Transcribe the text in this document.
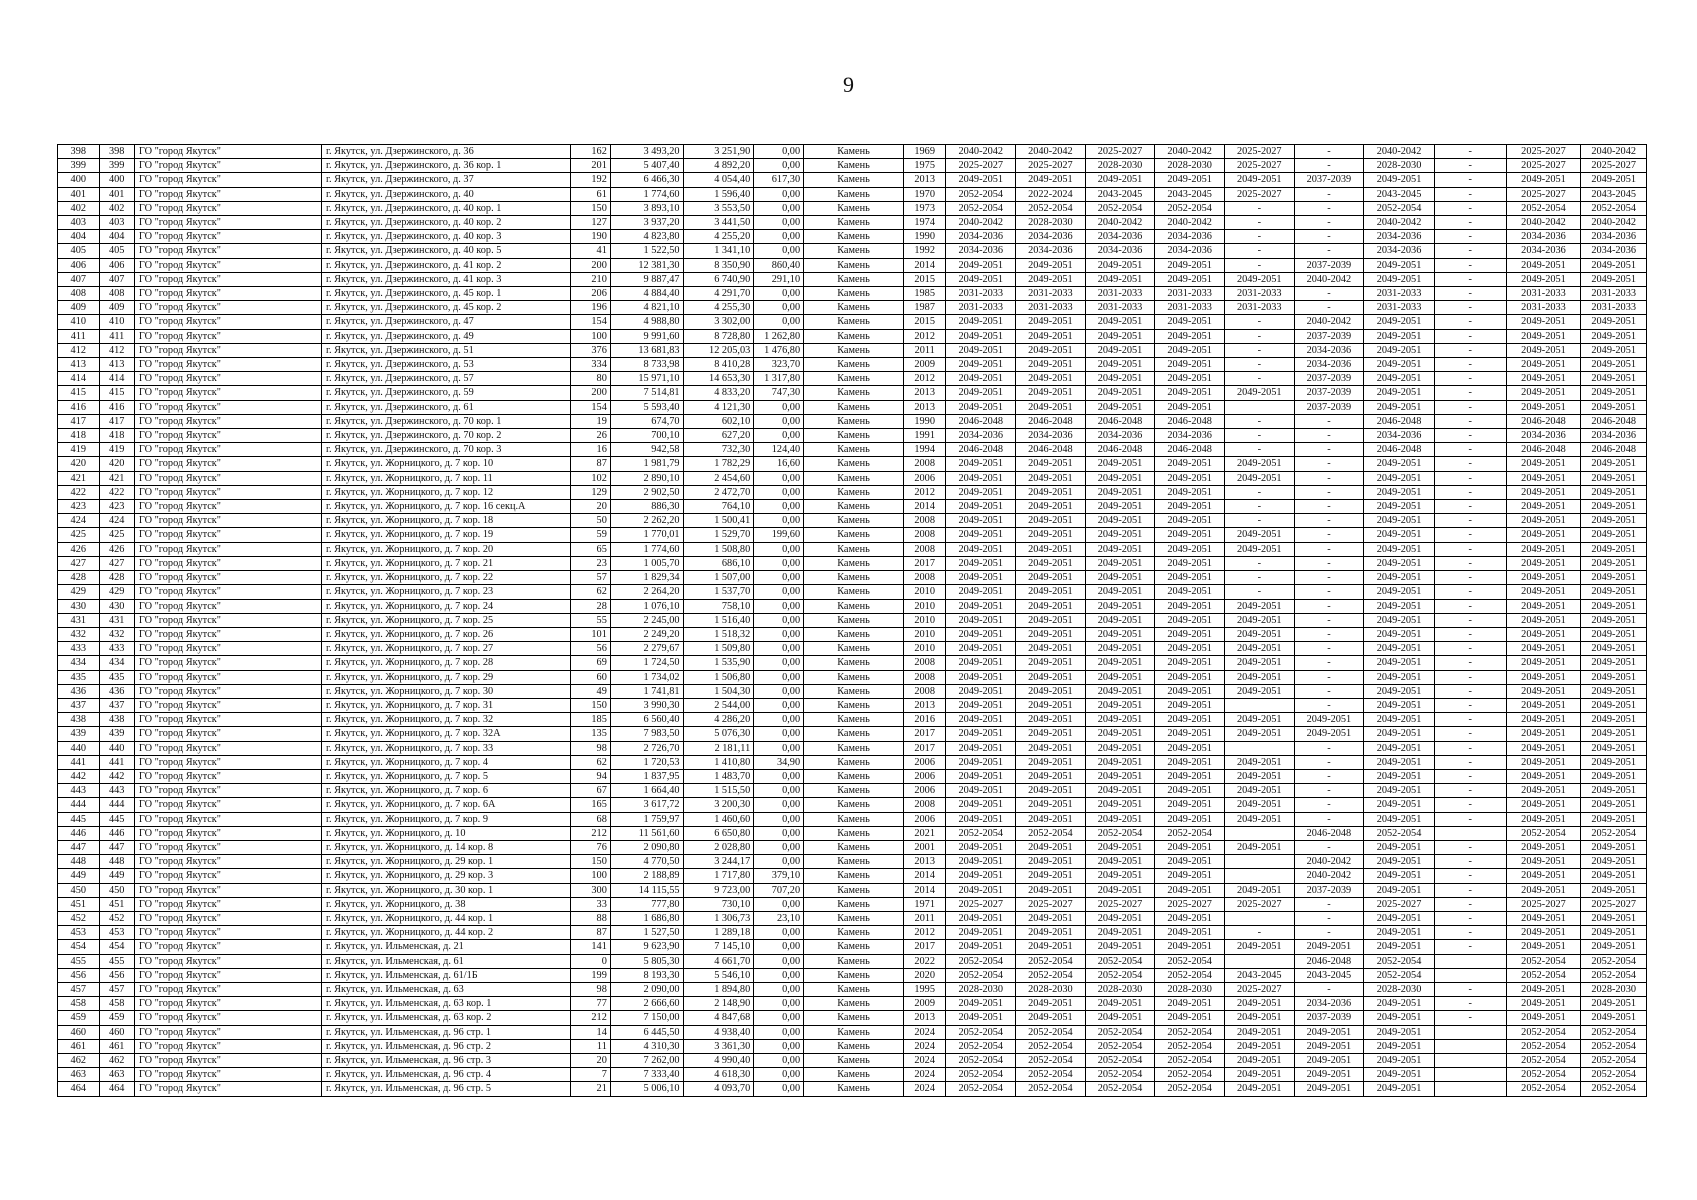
9
398	398	ГО "город Якутск"	г. Якутск, ул. Дзержинского, д. 36	162	3 493,20	3 251,90	0,00	Камень	1969	2040-2042	2040-2042	2025-2027	2040-2042	2025-2027	-	2040-2042	-	2025-2027	2040-2042
399	399	ГО "город Якутск"	г. Якутск, ул. Дзержинского, д. 36 кор. 1	201	5 407,40	4 892,20	0,00	Камень	1975	2025-2027	2025-2027	2028-2030	2028-2030	2025-2027	-	2028-2030	-	2025-2027	2025-2027
400	400	ГО "город Якутск"	г. Якутск, ул. Дзержинского, д. 37	192	6 466,30	4 054,40	617,30	Камень	2013	2049-2051	2049-2051	2049-2051	2049-2051	2049-2051	2037-2039	2049-2051	-	2049-2051	2049-2051
401	401	ГО "город Якутск"	г. Якутск, ул. Дзержинского, д. 40	61	1 774,60	1 596,40	0,00	Камень	1970	2052-2054	2022-2024	2043-2045	2043-2045	2025-2027	-	2043-2045	-	2025-2027	2043-2045
402	402	ГО "город Якутск"	г. Якутск, ул. Дзержинского, д. 40 кор. 1	150	3 893,10	3 553,50	0,00	Камень	1973	2052-2054	2052-2054	2052-2054	2052-2054	-	-	2052-2054	-	2052-2054	2052-2054
403	403	ГО "город Якутск"	г. Якутск, ул. Дзержинского, д. 40 кор. 2	127	3 937,20	3 441,50	0,00	Камень	1974	2040-2042	2028-2030	2040-2042	2040-2042	-	-	2040-2042	-	2040-2042	2040-2042
404	404	ГО "город Якутск"	г. Якутск, ул. Дзержинского, д. 40 кор. 3	190	4 823,80	4 255,20	0,00	Камень	1990	2034-2036	2034-2036	2034-2036	2034-2036	-	-	2034-2036	-	2034-2036	2034-2036
405	405	ГО "город Якутск"	г. Якутск, ул. Дзержинского, д. 40 кор. 5	41	1 522,50	1 341,10	0,00	Камень	1992	2034-2036	2034-2036	2034-2036	2034-2036	-	-	2034-2036	-	2034-2036	2034-2036
406	406	ГО "город Якутск"	г. Якутск, ул. Дзержинского, д. 41 кор. 2	200	12 381,30	8 350,90	860,40	Камень	2014	2049-2051	2049-2051	2049-2051	2049-2051	-	2037-2039	2049-2051	-	2049-2051	2049-2051
407	407	ГО "город Якутск"	г. Якутск, ул. Дзержинского, д. 41 кор. 3	210	9 887,47	6 740,90	291,10	Камень	2015	2049-2051	2049-2051	2049-2051	2049-2051	2049-2051	2040-2042	2049-2051	-	2049-2051	2049-2051
408	408	ГО "город Якутск"	г. Якутск, ул. Дзержинского, д. 45 кор. 1	206	4 884,40	4 291,70	0,00	Камень	1985	2031-2033	2031-2033	2031-2033	2031-2033	2031-2033	-	2031-2033	-	2031-2033	2031-2033
409	409	ГО "город Якутск"	г. Якутск, ул. Дзержинского, д. 45 кор. 2	196	4 821,10	4 255,30	0,00	Камень	1987	2031-2033	2031-2033	2031-2033	2031-2033	2031-2033	-	2031-2033	-	2031-2033	2031-2033
410	410	ГО "город Якутск"	г. Якутск, ул. Дзержинского, д. 47	154	4 988,80	3 302,00	0,00	Камень	2015	2049-2051	2049-2051	2049-2051	2049-2051	-	2040-2042	2049-2051	-	2049-2051	2049-2051
411	411	ГО "город Якутск"	г. Якутск, ул. Дзержинского, д. 49	100	9 991,60	8 728,80	1 262,80	Камень	2012	2049-2051	2049-2051	2049-2051	2049-2051	-	2037-2039	2049-2051	-	2049-2051	2049-2051
412	412	ГО "город Якутск"	г. Якутск, ул. Дзержинского, д. 51	376	13 681,83	12 205,03	1 476,80	Камень	2011	2049-2051	2049-2051	2049-2051	2049-2051	-	2034-2036	2049-2051	-	2049-2051	2049-2051
413	413	ГО "город Якутск"	г. Якутск, ул. Дзержинского, д. 53	334	8 733,98	8 410,28	323,70	Камень	2009	2049-2051	2049-2051	2049-2051	2049-2051	-	2034-2036	2049-2051	-	2049-2051	2049-2051
414	414	ГО "город Якутск"	г. Якутск, ул. Дзержинского, д. 57	80	15 971,10	14 653,30	1 317,80	Камень	2012	2049-2051	2049-2051	2049-2051	2049-2051	-	2037-2039	2049-2051	-	2049-2051	2049-2051
415	415	ГО "город Якутск"	г. Якутск, ул. Дзержинского, д. 59	200	7 514,81	4 833,20	747,30	Камень	2013	2049-2051	2049-2051	2049-2051	2049-2051	2049-2051	2037-2039	2049-2051	-	2049-2051	2049-2051
416	416	ГО "город Якутск"	г. Якутск, ул. Дзержинского, д. 61	154	5 593,40	4 121,30	0,00	Камень	2013	2049-2051	2049-2051	2049-2051	2049-2051		2037-2039	2049-2051	-	2049-2051	2049-2051
417	417	ГО "город Якутск"	г. Якутск, ул. Дзержинского, д. 70 кор. 1	19	674,70	602,10	0,00	Камень	1990	2046-2048	2046-2048	2046-2048	2046-2048	-	-	2046-2048	-	2046-2048	2046-2048
418	418	ГО "город Якутск"	г. Якутск, ул. Дзержинского, д. 70 кор. 2	26	700,10	627,20	0,00	Камень	1991	2034-2036	2034-2036	2034-2036	2034-2036	-	-	2034-2036	-	2034-2036	2034-2036
419	419	ГО "город Якутск"	г. Якутск, ул. Дзержинского, д. 70 кор. 3	16	942,58	732,30	124,40	Камень	1994	2046-2048	2046-2048	2046-2048	2046-2048	-	-	2046-2048	-	2046-2048	2046-2048
420	420	ГО "город Якутск"	г. Якутск, ул. Жорницкого, д. 7 кор. 10	87	1 981,79	1 782,29	16,60	Камень	2008	2049-2051	2049-2051	2049-2051	2049-2051	2049-2051	-	2049-2051	-	2049-2051	2049-2051
421	421	ГО "город Якутск"	г. Якутск, ул. Жорницкого, д. 7 кор. 11	102	2 890,10	2 454,60	0,00	Камень	2006	2049-2051	2049-2051	2049-2051	2049-2051	2049-2051	-	2049-2051	-	2049-2051	2049-2051
422	422	ГО "город Якутск"	г. Якутск, ул. Жорницкого, д. 7 кор. 12	129	2 902,50	2 472,70	0,00	Камень	2012	2049-2051	2049-2051	2049-2051	2049-2051	-	-	2049-2051	-	2049-2051	2049-2051
423	423	ГО "город Якутск"	г. Якутск, ул. Жорницкого, д. 7 кор. 16 секц.А	20	886,30	764,10	0,00	Камень	2014	2049-2051	2049-2051	2049-2051	2049-2051	-	-	2049-2051	-	2049-2051	2049-2051
424	424	ГО "город Якутск"	г. Якутск, ул. Жорницкого, д. 7 кор. 18	50	2 262,20	1 500,41	0,00	Камень	2008	2049-2051	2049-2051	2049-2051	2049-2051	-	-	2049-2051	-	2049-2051	2049-2051
425	425	ГО "город Якутск"	г. Якутск, ул. Жорницкого, д. 7 кор. 19	59	1 770,01	1 529,70	199,60	Камень	2008	2049-2051	2049-2051	2049-2051	2049-2051	2049-2051	-	2049-2051	-	2049-2051	2049-2051
426	426	ГО "город Якутск"	г. Якутск, ул. Жорницкого, д. 7 кор. 20	65	1 774,60	1 508,80	0,00	Камень	2008	2049-2051	2049-2051	2049-2051	2049-2051	2049-2051	-	2049-2051	-	2049-2051	2049-2051
427	427	ГО "город Якутск"	г. Якутск, ул. Жорницкого, д. 7 кор. 21	23	1 005,70	686,10	0,00	Камень	2017	2049-2051	2049-2051	2049-2051	2049-2051	-	-	2049-2051	-	2049-2051	2049-2051
428	428	ГО "город Якутск"	г. Якутск, ул. Жорницкого, д. 7 кор. 22	57	1 829,34	1 507,00	0,00	Камень	2008	2049-2051	2049-2051	2049-2051	2049-2051	-	-	2049-2051	-	2049-2051	2049-2051
429	429	ГО "город Якутск"	г. Якутск, ул. Жорницкого, д. 7 кор. 23	62	2 264,20	1 537,70	0,00	Камень	2010	2049-2051	2049-2051	2049-2051	2049-2051	-	-	2049-2051	-	2049-2051	2049-2051
430	430	ГО "город Якутск"	г. Якутск, ул. Жорницкого, д. 7 кор. 24	28	1 076,10	758,10	0,00	Камень	2010	2049-2051	2049-2051	2049-2051	2049-2051	2049-2051	-	2049-2051	-	2049-2051	2049-2051
431	431	ГО "город Якутск"	г. Якутск, ул. Жорницкого, д. 7 кор. 25	55	2 245,00	1 516,40	0,00	Камень	2010	2049-2051	2049-2051	2049-2051	2049-2051	2049-2051	-	2049-2051	-	2049-2051	2049-2051
432	432	ГО "город Якутск"	г. Якутск, ул. Жорницкого, д. 7 кор. 26	101	2 249,20	1 518,32	0,00	Камень	2010	2049-2051	2049-2051	2049-2051	2049-2051	2049-2051	-	2049-2051	-	2049-2051	2049-2051
433	433	ГО "город Якутск"	г. Якутск, ул. Жорницкого, д. 7 кор. 27	56	2 279,67	1 509,80	0,00	Камень	2010	2049-2051	2049-2051	2049-2051	2049-2051	2049-2051	-	2049-2051	-	2049-2051	2049-2051
434	434	ГО "город Якутск"	г. Якутск, ул. Жорницкого, д. 7 кор. 28	69	1 724,50	1 535,90	0,00	Камень	2008	2049-2051	2049-2051	2049-2051	2049-2051	2049-2051	-	2049-2051	-	2049-2051	2049-2051
435	435	ГО "город Якутск"	г. Якутск, ул. Жорницкого, д. 7 кор. 29	60	1 734,02	1 506,80	0,00	Камень	2008	2049-2051	2049-2051	2049-2051	2049-2051	2049-2051	-	2049-2051	-	2049-2051	2049-2051
436	436	ГО "город Якутск"	г. Якутск, ул. Жорницкого, д. 7 кор. 30	49	1 741,81	1 504,30	0,00	Камень	2008	2049-2051	2049-2051	2049-2051	2049-2051	2049-2051	-	2049-2051	-	2049-2051	2049-2051
437	437	ГО "город Якутск"	г. Якутск, ул. Жорницкого, д. 7 кор. 31	150	3 990,30	2 544,00	0,00	Камень	2013	2049-2051	2049-2051	2049-2051	2049-2051		-	2049-2051	-	2049-2051	2049-2051
438	438	ГО "город Якутск"	г. Якутск, ул. Жорницкого, д. 7 кор. 32	185	6 560,40	4 286,20	0,00	Камень	2016	2049-2051	2049-2051	2049-2051	2049-2051	2049-2051	2049-2051	2049-2051	-	2049-2051	2049-2051
439	439	ГО "город Якутск"	г. Якутск, ул. Жорницкого, д. 7 кор. 32А	135	7 983,50	5 076,30	0,00	Камень	2017	2049-2051	2049-2051	2049-2051	2049-2051	2049-2051	2049-2051	2049-2051	-	2049-2051	2049-2051
440	440	ГО "город Якутск"	г. Якутск, ул. Жорницкого, д. 7 кор. 33	98	2 726,70	2 181,11	0,00	Камень	2017	2049-2051	2049-2051	2049-2051	2049-2051		-	2049-2051	-	2049-2051	2049-2051
441	441	ГО "город Якутск"	г. Якутск, ул. Жорницкого, д. 7 кор. 4	62	1 720,53	1 410,80	34,90	Камень	2006	2049-2051	2049-2051	2049-2051	2049-2051	2049-2051	-	2049-2051	-	2049-2051	2049-2051
442	442	ГО "город Якутск"	г. Якутск, ул. Жорницкого, д. 7 кор. 5	94	1 837,95	1 483,70	0,00	Камень	2006	2049-2051	2049-2051	2049-2051	2049-2051	2049-2051	-	2049-2051	-	2049-2051	2049-2051
443	443	ГО "город Якутск"	г. Якутск, ул. Жорницкого, д. 7 кор. 6	67	1 664,40	1 515,50	0,00	Камень	2006	2049-2051	2049-2051	2049-2051	2049-2051	2049-2051	-	2049-2051	-	2049-2051	2049-2051
444	444	ГО "город Якутск"	г. Якутск, ул. Жорницкого, д. 7 кор. 6А	165	3 617,72	3 200,30	0,00	Камень	2008	2049-2051	2049-2051	2049-2051	2049-2051	2049-2051	-	2049-2051	-	2049-2051	2049-2051
445	445	ГО "город Якутск"	г. Якутск, ул. Жорницкого, д. 7 кор. 9	68	1 759,97	1 460,60	0,00	Камень	2006	2049-2051	2049-2051	2049-2051	2049-2051	2049-2051	-	2049-2051	-	2049-2051	2049-2051
446	446	ГО "город Якутск"	г. Якутск, ул. Жорницкого, д. 10	212	11 561,60	6 650,80	0,00	Камень	2021	2052-2054	2052-2054	2052-2054	2052-2054		2046-2048	2052-2054		2052-2054	2052-2054
447	447	ГО "город Якутск"	г. Якутск, ул. Жорницкого, д. 14 кор. 8	76	2 090,80	2 028,80	0,00	Камень	2001	2049-2051	2049-2051	2049-2051	2049-2051	2049-2051	-	2049-2051	-	2049-2051	2049-2051
448	448	ГО "город Якутск"	г. Якутск, ул. Жорницкого, д. 29 кор. 1	150	4 770,50	3 244,17	0,00	Камень	2013	2049-2051	2049-2051	2049-2051	2049-2051		2040-2042	2049-2051	-	2049-2051	2049-2051
449	449	ГО "город Якутск"	г. Якутск, ул. Жорницкого, д. 29 кор. 3	100	2 188,89	1 717,80	379,10	Камень	2014	2049-2051	2049-2051	2049-2051	2049-2051		2040-2042	2049-2051	-	2049-2051	2049-2051
450	450	ГО "город Якутск"	г. Якутск, ул. Жорницкого, д. 30 кор. 1	300	14 115,55	9 723,00	707,20	Камень	2014	2049-2051	2049-2051	2049-2051	2049-2051	2049-2051	2037-2039	2049-2051	-	2049-2051	2049-2051
451	451	ГО "город Якутск"	г. Якутск, ул. Жорницкого, д. 38	33	777,80	730,10	0,00	Камень	1971	2025-2027	2025-2027	2025-2027	2025-2027	2025-2027	-	2025-2027	-	2025-2027	2025-2027
452	452	ГО "город Якутск"	г. Якутск, ул. Жорницкого, д. 44 кор. 1	88	1 686,80	1 306,73	23,10	Камень	2011	2049-2051	2049-2051	2049-2051	2049-2051		-	2049-2051	-	2049-2051	2049-2051
453	453	ГО "город Якутск"	г. Якутск, ул. Жорницкого, д. 44 кор. 2	87	1 527,50	1 289,18	0,00	Камень	2012	2049-2051	2049-2051	2049-2051	2049-2051	-	-	2049-2051	-	2049-2051	2049-2051
454	454	ГО "город Якутск"	г. Якутск, ул. Ильменская, д. 21	141	9 623,90	7 145,10	0,00	Камень	2017	2049-2051	2049-2051	2049-2051	2049-2051	2049-2051	2049-2051	2049-2051	-	2049-2051	2049-2051
455	455	ГО "город Якутск"	г. Якутск, ул. Ильменская, д. 61	0	5 805,30	4 661,70	0,00	Камень	2022	2052-2054	2052-2054	2052-2054	2052-2054		2046-2048	2052-2054		2052-2054	2052-2054
456	456	ГО "город Якутск"	г. Якутск, ул. Ильменская, д. 61/1Б	199	8 193,30	5 546,10	0,00	Камень	2020	2052-2054	2052-2054	2052-2054	2052-2054	2043-2045	2043-2045	2052-2054		2052-2054	2052-2054
457	457	ГО "город Якутск"	г. Якутск, ул. Ильменская, д. 63	98	2 090,00	1 894,80	0,00	Камень	1995	2028-2030	2028-2030	2028-2030	2028-2030	2025-2027	-	2028-2030	-	2049-2051	2028-2030
458	458	ГО "город Якутск"	г. Якутск, ул. Ильменская, д. 63 кор. 1	77	2 666,60	2 148,90	0,00	Камень	2009	2049-2051	2049-2051	2049-2051	2049-2051	2049-2051	2034-2036	2049-2051	-	2049-2051	2049-2051
459	459	ГО "город Якутск"	г. Якутск, ул. Ильменская, д. 63 кор. 2	212	7 150,00	4 847,68	0,00	Камень	2013	2049-2051	2049-2051	2049-2051	2049-2051	2049-2051	2037-2039	2049-2051	-	2049-2051	2049-2051
460	460	ГО "город Якутск"	г. Якутск, ул. Ильменская, д. 96 стр. 1	14	6 445,50	4 938,40	0,00	Камень	2024	2052-2054	2052-2054	2052-2054	2052-2054	2049-2051	2049-2051	2049-2051		2052-2054	2052-2054
461	461	ГО "город Якутск"	г. Якутск, ул. Ильменская, д. 96 стр. 2	11	4 310,30	3 361,30	0,00	Камень	2024	2052-2054	2052-2054	2052-2054	2052-2054	2049-2051	2049-2051	2049-2051		2052-2054	2052-2054
462	462	ГО "город Якутск"	г. Якутск, ул. Ильменская, д. 96 стр. 3	20	7 262,00	4 990,40	0,00	Камень	2024	2052-2054	2052-2054	2052-2054	2052-2054	2049-2051	2049-2051	2049-2051		2052-2054	2052-2054
463	463	ГО "город Якутск"	г. Якутск, ул. Ильменская, д. 96 стр. 4	7	7 333,40	4 618,30	0,00	Камень	2024	2052-2054	2052-2054	2052-2054	2052-2054	2049-2051	2049-2051	2049-2051		2052-2054	2052-2054
464	464	ГО "город Якутск"	г. Якутск, ул. Ильменская, д. 96 стр. 5	21	5 006,10	4 093,70	0,00	Камень	2024	2052-2054	2052-2054	2052-2054	2052-2054	2049-2051	2049-2051	2049-2051		2052-2054	2052-2054
